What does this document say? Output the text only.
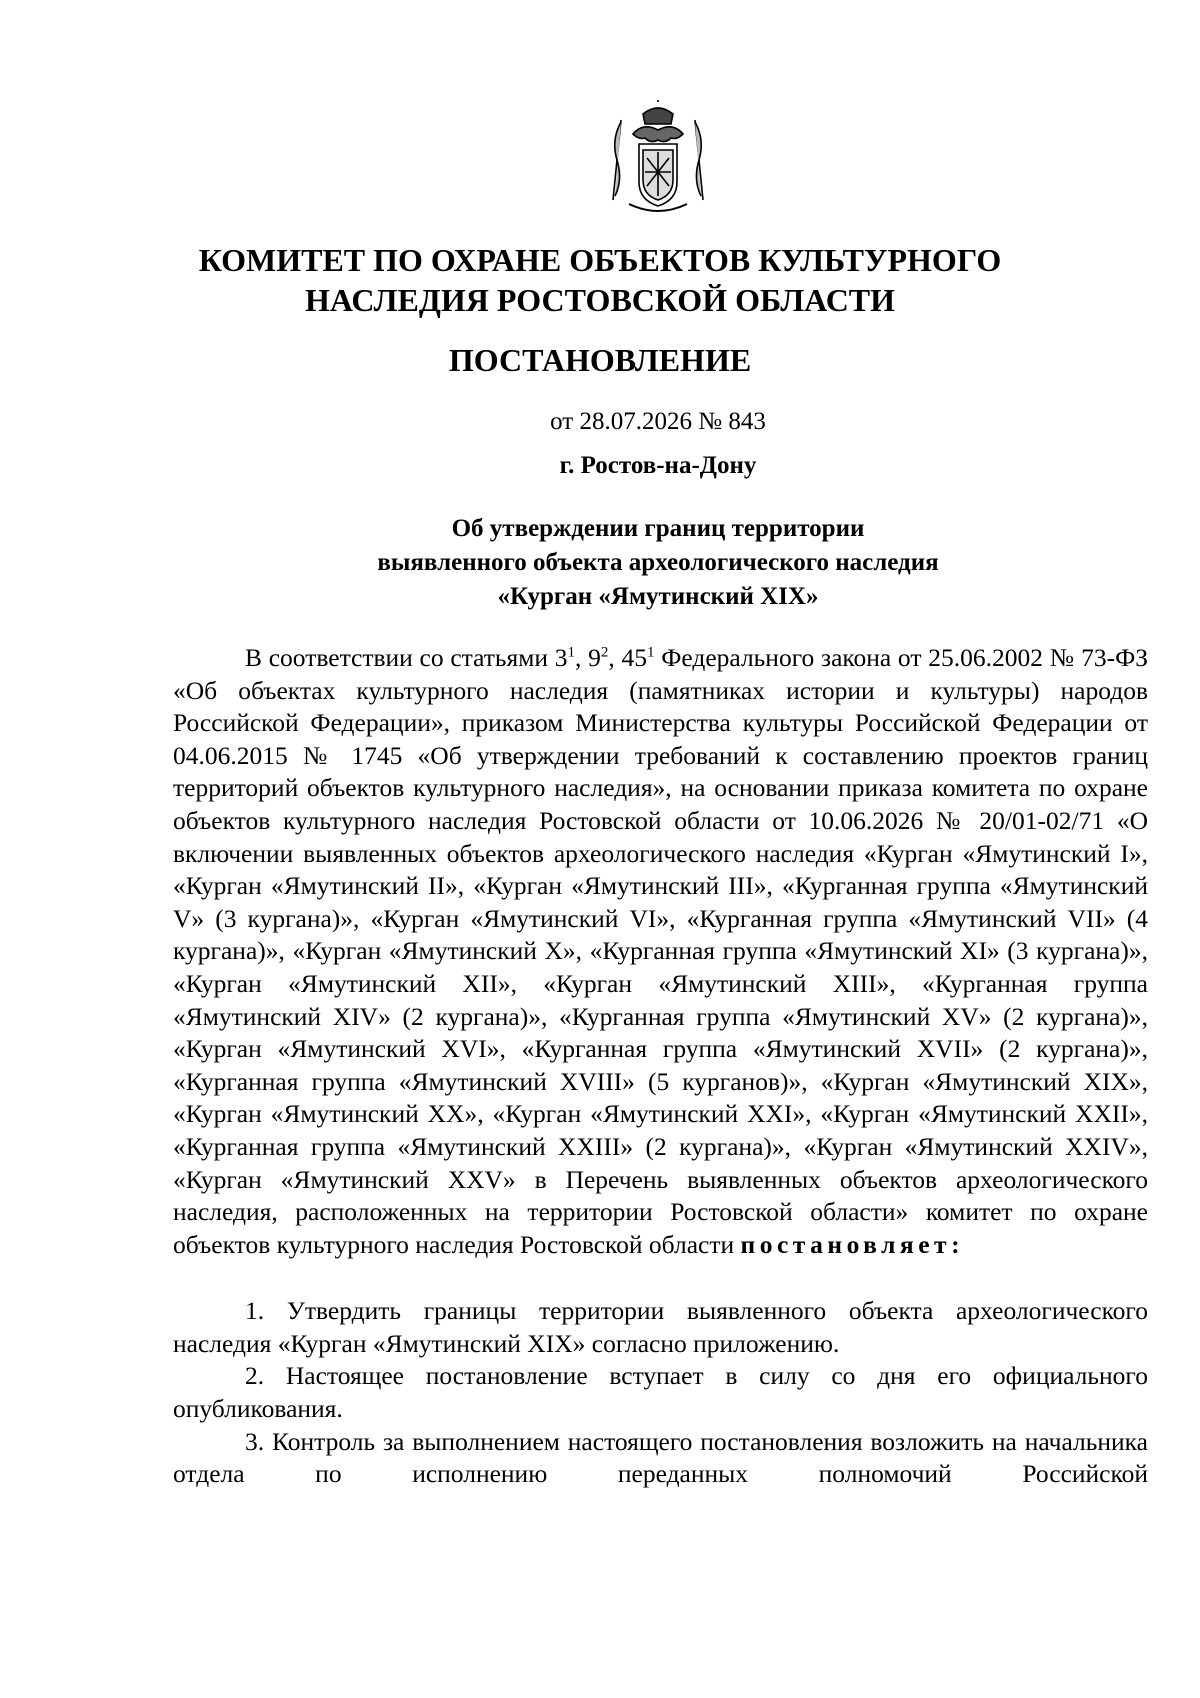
КОМИТЕТ ПО ОХРАНЕ ОБЪЕКТОВ КУЛЬТУРНОГО
НАСЛЕДИЯ РОСТОВСКОЙ ОБЛАСТИ
ПОСТАНОВЛЕНИЕ
от 28.07.2026 № 843
г. Ростов-на-Дону
Об утверждении границ территории
выявленного объекта археологического наследия
«Курган «Ямутинский XIX»

В соответствии со статьями $3^1$, $9^2$, $45^1$ Федерального закона от 25.06.2002 № 73-ФЗ «Об объектах культурного наследия (памятниках истории и культуры) народов Российской Федерации», приказом Министерства культуры Российской Федерации от 04.06.2015 № 1745 «Об утверждении требований к составлению проектов границ территорий объектов культурного наследия», на основании приказа комитета по охране объектов культурного наследия Ростовской области от 10.06.2026 № 20/01-02/71 «О включении выявленных объектов археологического наследия «Курган «Ямутинский I», «Курган «Ямутинский II», «Курган «Ямутинский III», «Курганная группа «Ямутинский V» (3 кургана)», «Курган «Ямутинский VI», «Курганная группа «Ямутинский VII» (4 кургана)», «Курган «Ямутинский X», «Курганная группа «Ямутинский XI» (3 кургана)», «Курган «Ямутинский XII», «Курган «Ямутинский XIII», «Курганная группа «Ямутинский XIV» (2 кургана)», «Курганная группа «Ямутинский XV» (2 кургана)», «Курган «Ямутинский XVI», «Курганная группа «Ямутинский XVII» (2 кургана)», «Курганная группа «Ямутинский XVIII» (5 курганов)», «Курган «Ямутинский XIX», «Курган «Ямутинский XX», «Курган «Ямутинский XXI», «Курган «Ямутинский XXII», «Курганная группа «Ямутинский XXIII» (2 кургана)», «Курган «Ямутинский XXIV», «Курган «Ямутинский XXV» в Перечень выявленных объектов археологического наследия, расположенных на территории Ростовской области» комитет по охране объектов культурного наследия Ростовской области постановляет:

1. Утвердить границы территории выявленного объекта археологического наследия «Курган «Ямутинский XIX» согласно приложению.

2. Настоящее постановление вступает в силу со дня его официального опубликования.

3. Контроль за выполнением настоящего постановления возложить на начальника отдела по исполнению переданных полномочий Российской
